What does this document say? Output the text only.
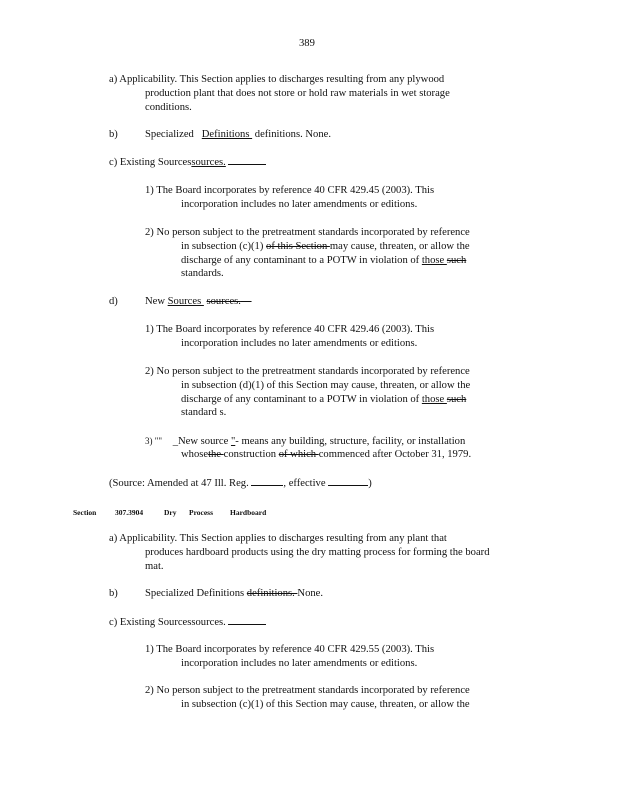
389
a) Applicability. This Section applies to discharges resulting from any plywood
production plant that does not store or hold raw materials in wet storage
conditions.
b)	Specialized Definitions  definitions. None.
c) Existing Sourcessources.
1) The Board incorporates by reference 40 CFR 429.45 (2003). This
incorporation includes no later amendments or editions.
2) No person subject to the pretreatment standards incorporated by reference
in subsection (c)(1) of this Section may cause, threaten, or allow the
discharge of any contaminant to a POTW in violation of those such
standards.
d)	New Sources  sources.
1) The Board incorporates by reference 40 CFR 429.46 (2003). This
incorporation includes no later amendments or editions.
2) No person subject to the pretreatment standards incorporated by reference
in subsection (d)(1) of this Section may cause, threaten, or allow the
discharge of any contaminant to a POTW in violation of those such
standard s.
3) "" _New source "- means any building, structure, facility, or installation
whosethe construction of which commenced after October 31, 1979.
(Source: Amended at 47 Ill. Reg.	, effective	)
Section 307.3904	Dry Process Hardboard
a) Applicability. This Section applies to discharges resulting from any plant that
produces hardboard products using the dry matting process for forming the board
mat.
b)	Specialized Definitions definitions. None.
c) Existing Sourcessources.
1) The Board incorporates by reference 40 CFR 429.55 (2003). This
incorporation includes no later amendments or editions.
2) No person subject to the pretreatment standards incorporated by reference
in subsection (c)(1) of this Section may cause, threaten, or allow the
